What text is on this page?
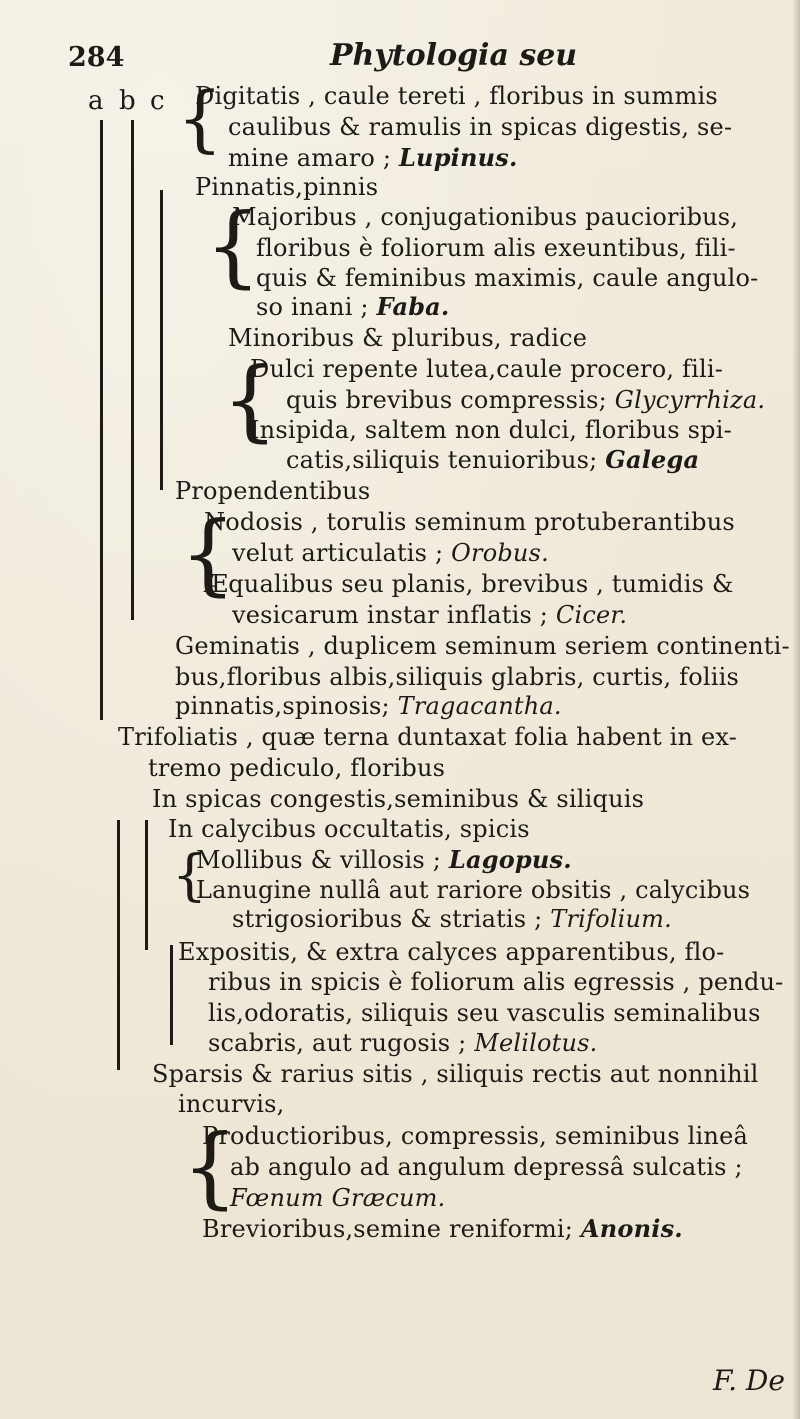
284	Phytologia seu
a b c Digitatis , caule tereti , floribus in summis
caulibus & ramulis in spicas digestis, se-
mine amaro ; Lupinus.
Pinnatis,pinnis
Majoribus , conjugationibus paucioribus,
floribus è foliorum alis exeuntibus, fili-
quis & feminibus maximis, caule angulo-
so inani ; Faba.
Minoribus & pluribus, radice
Dulci repente lutea,caule procero, fili-
quis brevibus compressis; Glycyrrhiza.
Insipida, saltem non dulci, floribus spi-
catis,siliquis tenuioribus; Galega
Propendentibus
Nodosis , torulis seminum protuberantibus
velut articulatis ; Orobus.
Æqualibus seu planis, brevibus , tumidis &
vesicarum instar inflatis ; Cicer.
Geminatis , duplicem seminum seriem continenti-
bus,floribus albis,siliquis glabris, curtis, foliis
pinnatis,spinosis; Tragacantha.
Trifoliatis , quæ terna duntaxat folia habent in ex-
tremo pediculo, floribus
In spicas congestis,seminibus & siliquis
In calycibus occultatis, spicis
Mollibus & villosis ; Lagopus.
Lanugine nullâ aut rariore obsitis , calycibus
strigosioribus & striatis ; Trifolium.
Expositis, & extra calyces apparentibus, flo-
ribus in spicis è foliorum alis egressis , pendu-
lis,odoratis, siliquis seu vasculis seminalibus
scabris, aut rugosis ; Melilotus.
Sparsis & rarius sitis , siliquis rectis aut nonnihil
incurvis,
Productioribus, compressis, seminibus lineâ
ab angulo ad angulum depressâ sulcatis ;
Fœnum Græcum.
Brevioribus,semine reniformi; Anonis.
{
{
{
{
{
{
F. De
